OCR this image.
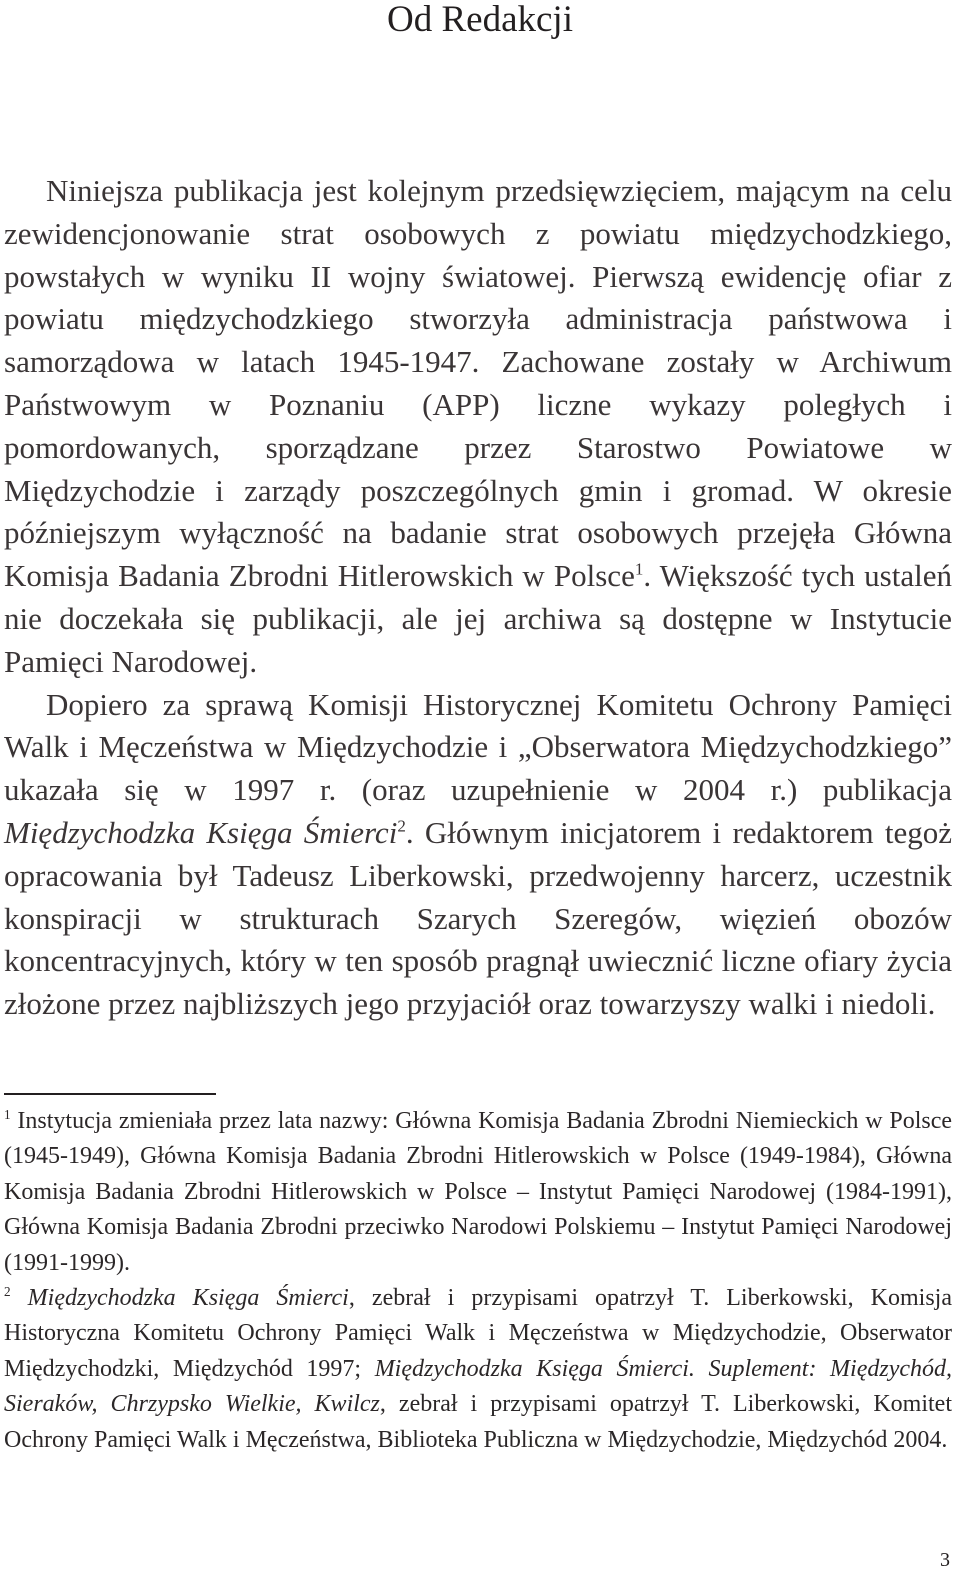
Od Redakcji

Niniejsza publikacja jest kolejnym przedsięwzięciem, mającym na celu zewidencjonowanie strat osobowych z powiatu międzychodzkiego, powstałych w wyniku II wojny światowej. Pierwszą ewidencję ofiar z powiatu międzychodzkiego stworzyła administracja państwowa i samorządowa w latach 1945-1947. Zachowane zostały w Archiwum Państwowym w Poznaniu (APP) liczne wykazy poległych i pomordowanych, sporządzane przez Starostwo Powiatowe w Międzychodzie i zarządy poszczególnych gmin i gromad. W okresie późniejszym wyłączność na badanie strat osobowych przejęła Główna Komisja Badania Zbrodni Hitlerowskich w Polsce$^1$. Większość tych ustaleń nie doczekała się publikacji, ale jej archiwa są dostępne w Instytucie Pamięci Narodowej.

Dopiero za sprawą Komisji Historycznej Komitetu Ochrony Pamięci Walk i Męczeństwa w Międzychodzie i „Obserwatora Międzychodzkiego” ukazała się w 1997 r. (oraz uzupełnienie w 2004 r.) publikacja Międzychodzka Księga Śmierci$^2$. Głównym inicjatorem i redaktorem tegoż opracowania był Tadeusz Liberkowski, przedwojenny harcerz, uczestnik konspiracji w strukturach Szarych Szeregów, więzień obozów koncentracyjnych, który w ten sposób pragnął uwiecznić liczne ofiary życia złożone przez najbliższych jego przyjaciół oraz towarzyszy walki i niedoli.

$^1$ Instytucja zmieniała przez lata nazwy: Główna Komisja Badania Zbrodni Niemieckich w Polsce (1945-1949), Główna Komisja Badania Zbrodni Hitlerowskich w Polsce (1949-1984), Główna Komisja Badania Zbrodni Hitlerowskich w Polsce – Instytut Pamięci Narodowej (1984-1991), Główna Komisja Badania Zbrodni przeciwko Narodowi Polskiemu – Instytut Pamięci Narodowej (1991-1999).

$^2$ Międzychodzka Księga Śmierci, zebrał i przypisami opatrzył T. Liberkowski, Komisja Historyczna Komitetu Ochrony Pamięci Walk i Męczeństwa w Międzychodzie, Obserwator Międzychodzki, Międzychód 1997; Międzychodzka Księga Śmierci. Suplement: Międzychód, Sieraków, Chrzypsko Wielkie, Kwilcz, zebrał i przypisami opatrzył T. Liberkowski, Komitet Ochrony Pamięci Walk i Męczeństwa, Biblioteka Publiczna w Międzychodzie, Międzychód 2004.

3
